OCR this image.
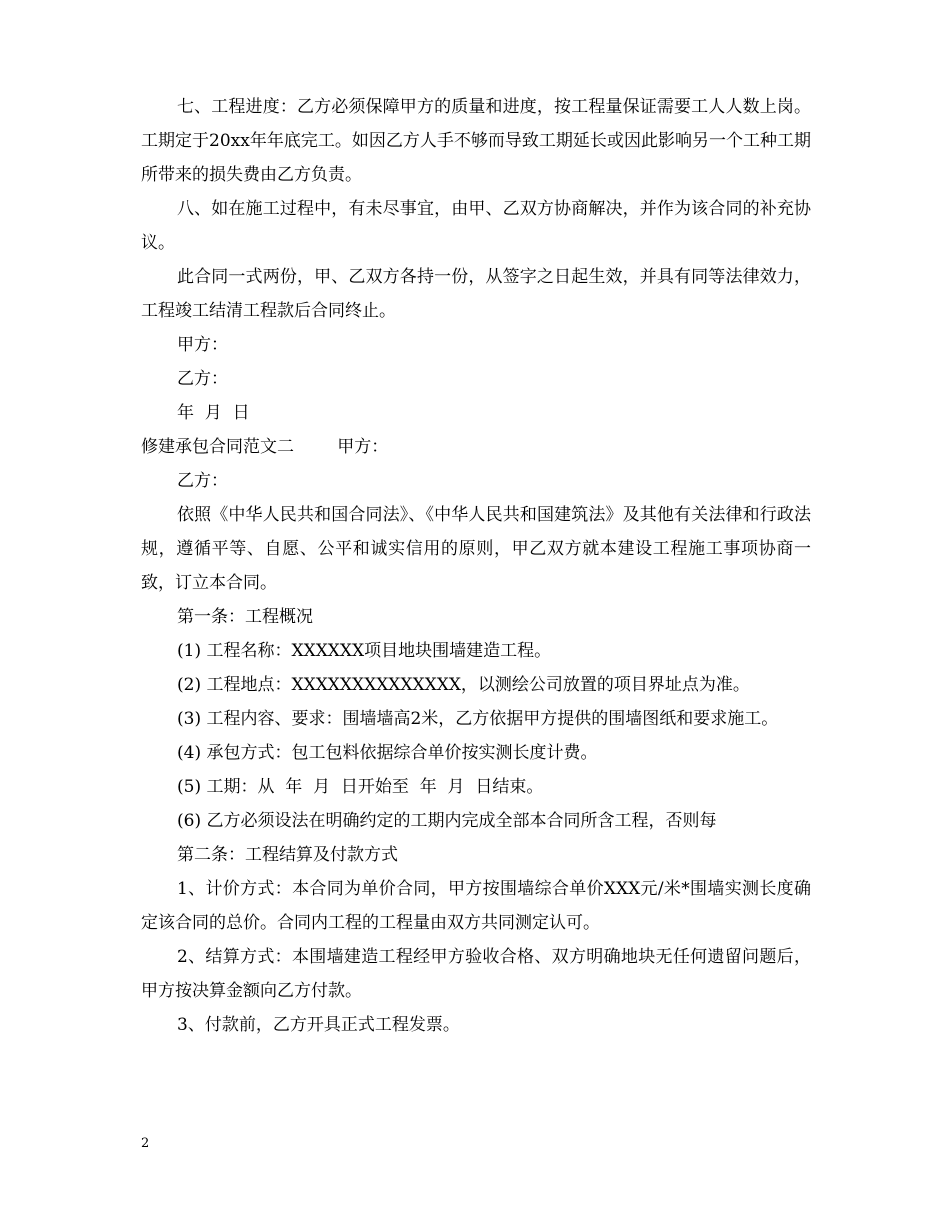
七、工程进度：乙方必须保障甲方的质量和进度，按工程量保证需要工人人数上岗。工期定于20xx年年底完工。如因乙方人手不够而导致工期延长或因此影响另一个工种工期所带来的损失费由乙方负责。

八、如在施工过程中，有未尽事宜，由甲、乙双方协商解决，并作为该合同的补充协议。

此合同一式两份，甲、乙双方各持一份，从签字之日起生效，并具有同等法律效力，工程竣工结清工程款后合同终止。

甲方：

乙方：

年  月  日

修建承包合同范文二        甲方：

乙方：

依照《中华人民共和国合同法》、《中华人民共和国建筑法》及其他有关法律和行政法规，遵循平等、自愿、公平和诚实信用的原则，甲乙双方就本建设工程施工事项协商一致，订立本合同。

第一条：工程概况

(1) 工程名称：XXXXXX项目地块围墙建造工程。

(2) 工程地点：XXXXXXXXXXXXXX，以测绘公司放置的项目界址点为准。

(3) 工程内容、要求：围墙墙高2米，乙方依据甲方提供的围墙图纸和要求施工。

(4) 承包方式：包工包料依据综合单价按实测长度计费。

(5) 工期：从  年  月  日开始至  年  月  日结束。

(6) 乙方必须设法在明确约定的工期内完成全部本合同所含工程，否则每

第二条：工程结算及付款方式

1、计价方式：本合同为单价合同，甲方按围墙综合单价XXX元/米*围墙实测长度确定该合同的总价。合同内工程的工程量由双方共同测定认可。

2、结算方式：本围墙建造工程经甲方验收合格、双方明确地块无任何遗留问题后，甲方按决算金额向乙方付款。

3、付款前，乙方开具正式工程发票。

2
